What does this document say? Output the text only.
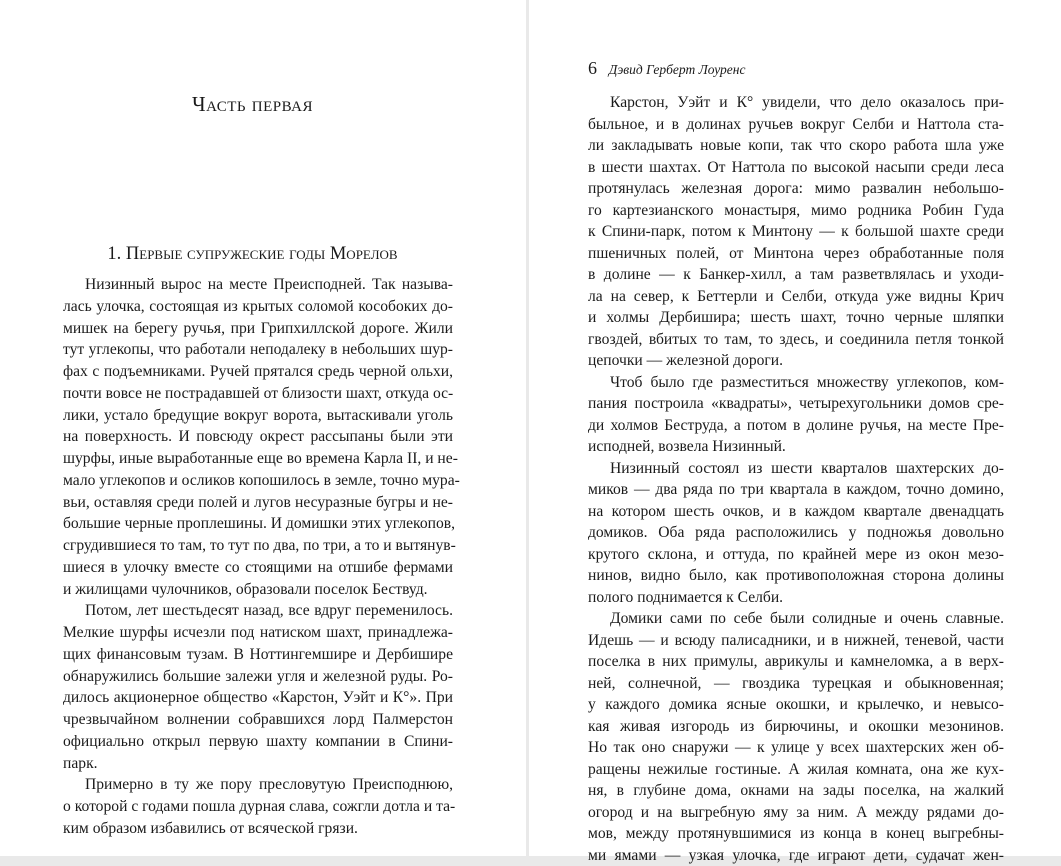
Часть первая
1. Первые супружеские годы Морелов
Низинный вырос на месте Преисподней. Так называ-
лась улочка, состоящая из крытых соломой кособоких до-
мишек на берегу ручья, при Грипхиллской дороге. Жили
тут углекопы, что работали неподалеку в небольших шур-
фах с подъемниками. Ручей прятался средь черной ольхи,
почти вовсе не пострадавшей от близости шахт, откуда ос-
лики, устало бредущие вокруг ворота, вытаскивали уголь
на поверхность. И повсюду окрест рассыпаны были эти
шурфы, иные выработанные еще во времена Карла II, и не-
мало углекопов и осликов копошилось в земле, точно мура-
вьи, оставляя среди полей и лугов несуразные бугры и не-
большие черные проплешины. И домишки этих углекопов,
сгрудившиеся то там, то тут по два, по три, а то и вытянув-
шиеся в улочку вместе со стоящими на отшибе фермами
и жилищами чулочников, образовали поселок Бествуд.
Потом, лет шестьдесят назад, все вдруг переменилось.
Мелкие шурфы исчезли под натиском шахт, принадлежа-
щих финансовым тузам. В Ноттингемшире и Дербишире
обнаружились большие залежи угля и железной руды. Ро-
дилось акционерное общество «Карстон, Уэйт и К°». При
чрезвычайном волнении собравшихся лорд Палмерстон
официально открыл первую шахту компании в Спини-
парк.
Примерно в ту же пору пресловутую Преисподнюю,
о которой с годами пошла дурная слава, сожгли дотла и та-
ким образом избавились от всяческой грязи.
6 Дэвид Герберт Лоуренс
Карстон, Уэйт и К° увидели, что дело оказалось при-
быльное, и в долинах ручьев вокруг Селби и Наттола ста-
ли закладывать новые копи, так что скоро работа шла уже
в шести шахтах. От Наттола по высокой насыпи среди леса
протянулась железная дорога: мимо развалин небольшо-
го картезианского монастыря, мимо родника Робин Гуда
к Спини-парк, потом к Минтону — к большой шахте среди
пшеничных полей, от Минтона через обработанные поля
в долине — к Банкер-хилл, а там разветвлялась и уходи-
ла на север, к Беттерли и Селби, откуда уже видны Крич
и холмы Дербишира; шесть шахт, точно черные шляпки
гвоздей, вбитых то там, то здесь, и соединила петля тонкой
цепочки — железной дороги.
Чтоб было где разместиться множеству углекопов, ком-
пания построила «квадраты», четырехугольники домов сре-
ди холмов Беструда, а потом в долине ручья, на месте Пре-
исподней, возвела Низинный.
Низинный состоял из шести кварталов шахтерских до-
миков — два ряда по три квартала в каждом, точно домино,
на котором шесть очков, и в каждом квартале двенадцать
домиков. Оба ряда расположились у подножья довольно
крутого склона, и оттуда, по крайней мере из окон мезо-
нинов, видно было, как противоположная сторона долины
полого поднимается к Селби.
Домики сами по себе были солидные и очень славные.
Идешь — и всюду палисадники, и в нижней, теневой, части
поселка в них примулы, аврикулы и камнеломка, а в верх-
ней, солнечной, — гвоздика турецкая и обыкновенная;
у каждого домика ясные окошки, и крылечко, и невысо-
кая живая изгородь из бирючины, и окошки мезонинов.
Но так оно снаружи — к улице у всех шахтерских жен об-
ращены нежилые гостиные. А жилая комната, она же кух-
ня, в глубине дома, окнами на зады поселка, на жалкий
огород и на выгребную яму за ним. А между рядами до-
мов, между протянувшимися из конца в конец выгребны-
ми ямами — узкая улочка, где играют дети, судачат жен-
